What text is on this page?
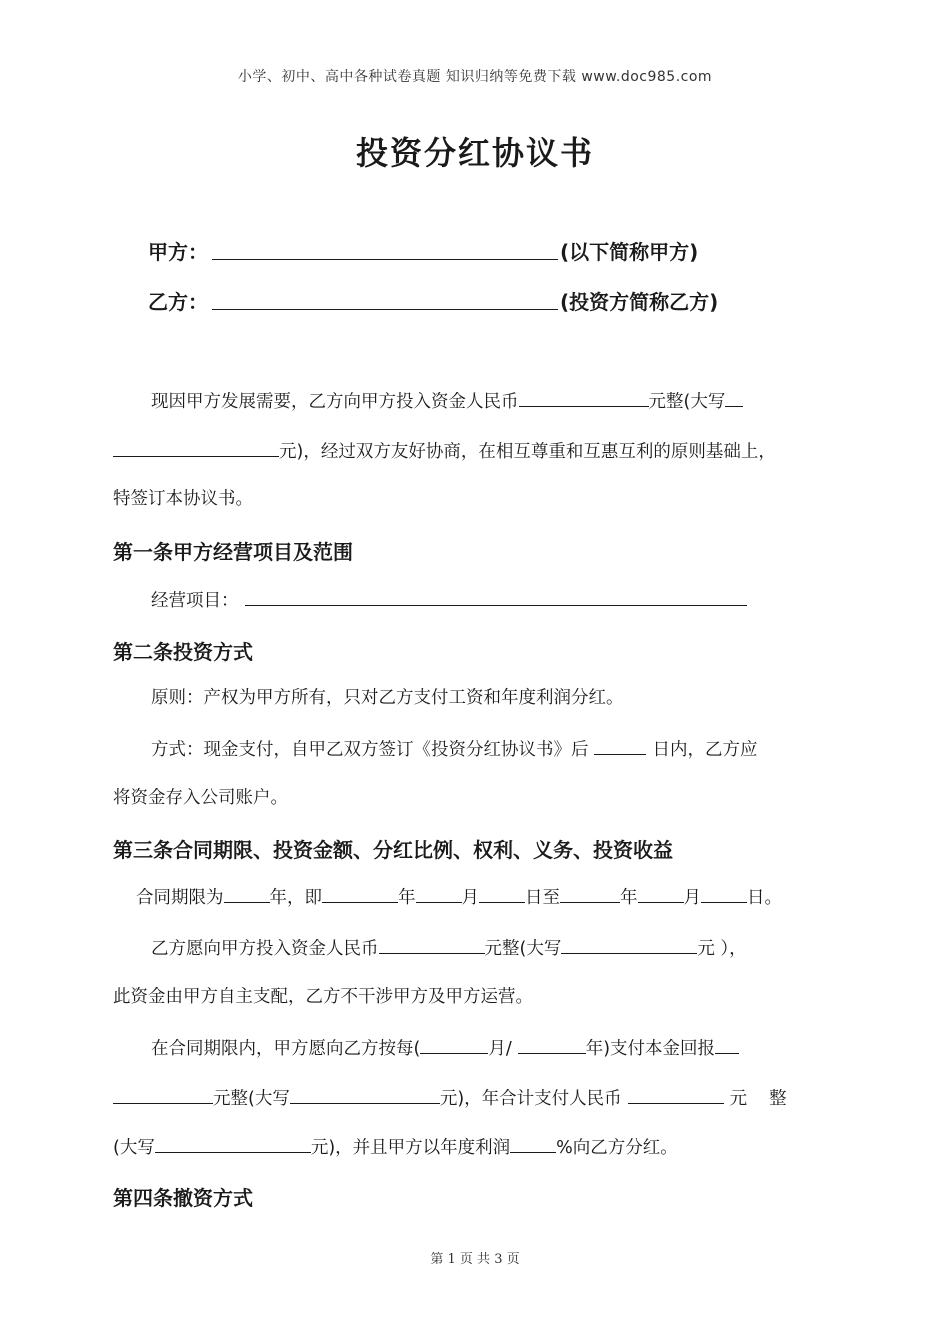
小学、初中、高中各种试卷真题 知识归纳等免费下载 www.doc985.com
投资分红协议书
甲方：	(以下简称甲方)
乙方：	(投资方简称乙方)
现因甲方发展需要，乙方向甲方投入资金人民币	元整(大写
元)，经过双方友好协商，在相互尊重和互惠互利的原则基础上，
特签订本协议书。
第一条甲方经营项目及范围
经营项目：
第二条投资方式
原则：产权为甲方所有，只对乙方支付工资和年度利润分红。
方式：现金支付，自甲乙双方签订《投资分红协议书》后	日内，乙方应
将资金存入公司账户。
第三条合同期限、投资金额、分红比例、权利、义务、投资收益
合同期限为	年，即	年	月	日至	年	月	日。
乙方愿向甲方投入资金人民币	元整(大写	元 ），
此资金由甲方自主支配，乙方不干涉甲方及甲方运营。
在合同期限内，甲方愿向乙方按每(	月/	年)支付本金回报
元整(大写	元)，年合计支付人民币	元 整
(大写	元)，并且甲方以年度利润	%向乙方分红。
第四条撤资方式
第 1 页 共 3 页
